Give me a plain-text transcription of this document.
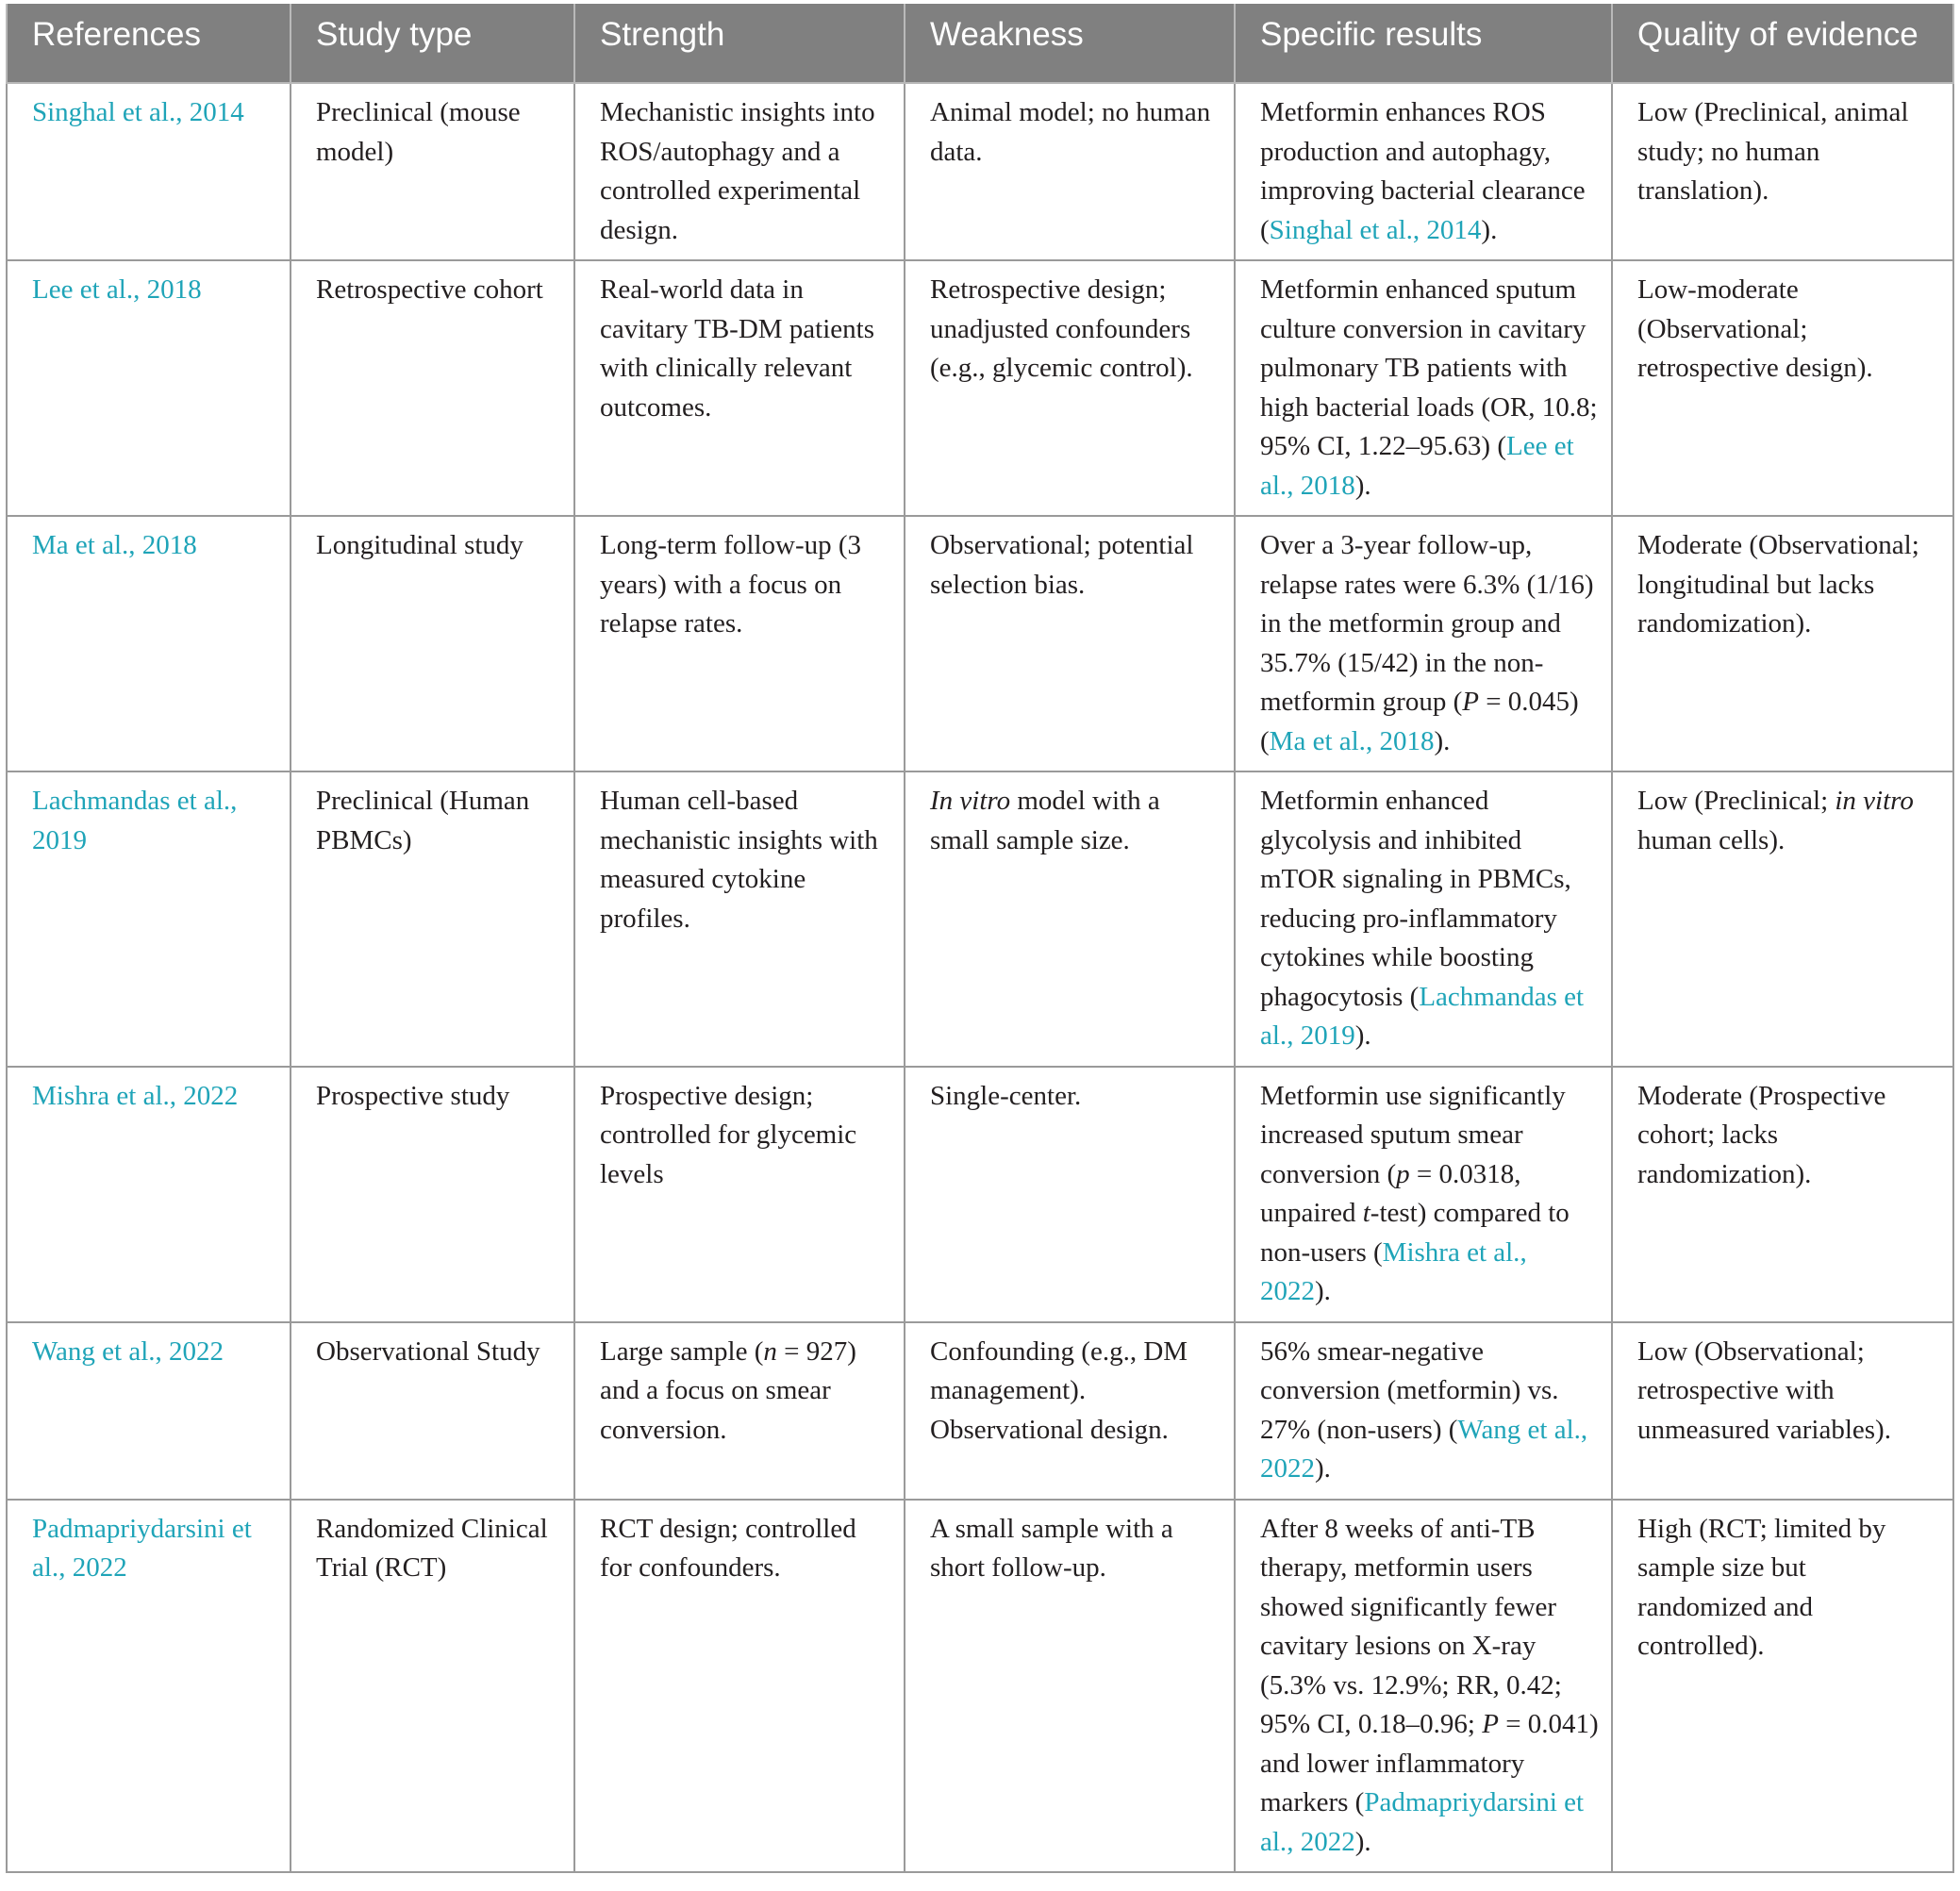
References	Study type	Strength	Weakness	Specific results	Quality of evidence
Singhal et al., 2014	Preclinical (mouse model)	Mechanistic insights into ROS/autophagy and a controlled experimental design.	Animal model; no human data.	Metformin enhances ROS production and autophagy, improving bacterial clearance (Singhal et al., 2014).	Low (Preclinical, animal study; no human translation).
Lee et al., 2018	Retrospective cohort	Real-world data in cavitary TB-DM patients with clinically relevant outcomes.	Retrospective design; unadjusted confounders (e.g., glycemic control).	Metformin enhanced sputum culture conversion in cavitary pulmonary TB patients with high bacterial loads (OR, 10.8; 95% CI, 1.22–95.63) (Lee et al., 2018).	Low-moderate (Observational; retrospective design).
Ma et al., 2018	Longitudinal study	Long-term follow-up (3 years) with a focus on relapse rates.	Observational; potential selection bias.	Over a 3-year follow-up, relapse rates were 6.3% (1/16) in the metformin group and 35.7% (15/42) in the non-metformin group (P = 0.045) (Ma et al., 2018).	Moderate (Observational; longitudinal but lacks randomization).
Lachmandas et al., 2019	Preclinical (Human PBMCs)	Human cell-based mechanistic insights with measured cytokine profiles.	In vitro model with a small sample size.	Metformin enhanced glycolysis and inhibited mTOR signaling in PBMCs, reducing pro-inflammatory cytokines while boosting phagocytosis (Lachmandas et al., 2019).	Low (Preclinical; in vitro human cells).
Mishra et al., 2022	Prospective study	Prospective design; controlled for glycemic levels	Single-center.	Metformin use significantly increased sputum smear conversion (p = 0.0318, unpaired t-test) compared to non-users (Mishra et al., 2022).	Moderate (Prospective cohort; lacks randomization).
Wang et al., 2022	Observational Study	Large sample (n = 927) and a focus on smear conversion.	Confounding (e.g., DM management). Observational design.	56% smear-negative conversion (metformin) vs. 27% (non-users) (Wang et al., 2022).	Low (Observational; retrospective with unmeasured variables).
Padmapriydarsini et al., 2022	Randomized Clinical Trial (RCT)	RCT design; controlled for confounders.	A small sample with a short follow-up.	After 8 weeks of anti-TB therapy, metformin users showed significantly fewer cavitary lesions on X-ray (5.3% vs. 12.9%; RR, 0.42; 95% CI, 0.18–0.96; P = 0.041) and lower inflammatory markers (Padmapriydarsini et al., 2022).	High (RCT; limited by sample size but randomized and controlled).
